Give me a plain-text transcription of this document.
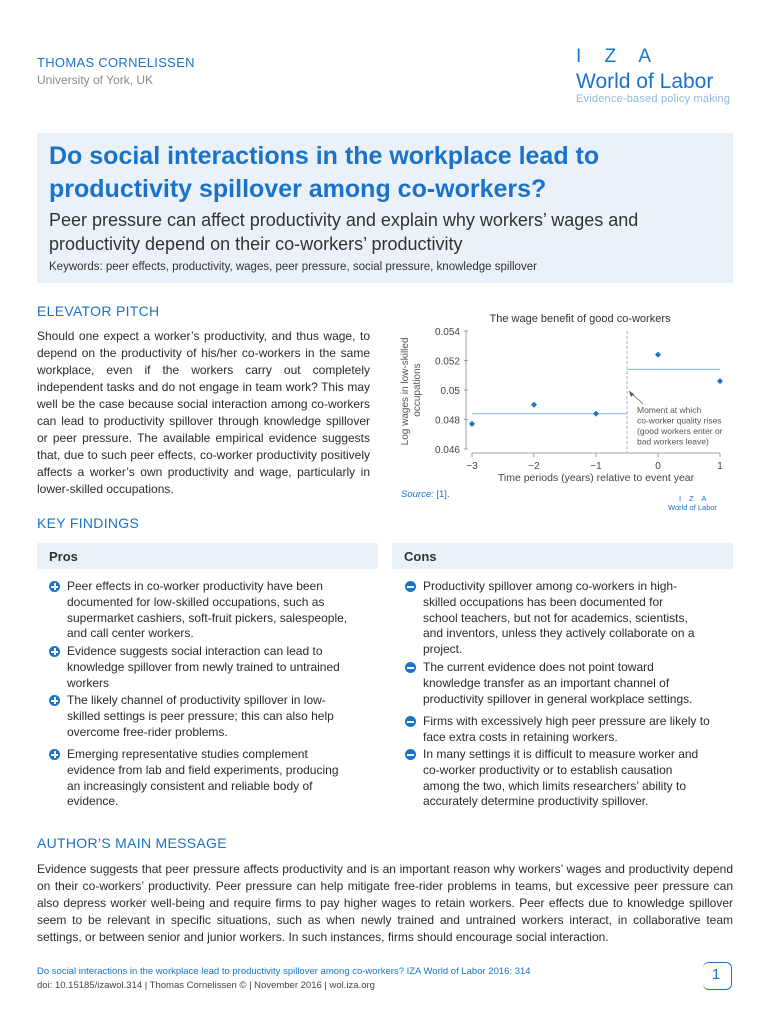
THOMAS CORNELISSEN
University of York, UK
I Z A
World of Labor
Evidence-based policy making
Do social interactions in the workplace lead to productivity spillover among co-workers?
Peer pressure can affect productivity and explain why workers’ wages and productivity depend on their co-workers’ productivity
Keywords: peer effects, productivity, wages, peer pressure, social pressure, knowledge spillover
ELEVATOR PITCH
Should one expect a worker’s productivity, and thus wage, to depend on the productivity of his/her co-workers in the same workplace, even if the workers carry out completely independent tasks and do not engage in team work? This may well be the case because social interaction among co-workers can lead to productivity spillover through knowledge spillover or peer pressure. The available empirical evidence suggests that, due to such peer effects, co-worker productivity positively affects a worker’s own productivity and wage, particularly in lower-skilled occupations.
The wage benefit of good co-workers
Log wages in low-skilled occupations
0.046
0.048
0.05
0.052
0.054
−3	−2	−1	0	1
Moment at which co-worker quality rises (good workers enter or bad workers leave)
Time periods (years) relative to event year
Source: [1].	I Z A
World of Labor
KEY FINDINGS
Pros	Cons
Peer effects in co-worker productivity have been
documented for low-skilled occupations, such as
supermarket cashiers, soft-fruit pickers, salespeople,
and call center workers.
Evidence suggests social interaction can lead to
knowledge spillover from newly trained to untrained
workers
The likely channel of productivity spillover in low-
skilled settings is peer pressure; this can also help
overcome free-rider problems.
Emerging representative studies complement
evidence from lab and field experiments, producing
an increasingly consistent and reliable body of
evidence.
Productivity spillover among co-workers in high-
skilled occupations has been documented for
school teachers, but not for academics, scientists,
and inventors, unless they actively collaborate on a
project.
The current evidence does not point toward
knowledge transfer as an important channel of
productivity spillover in general workplace settings.
Firms with excessively high peer pressure are likely to
face extra costs in retaining workers.
In many settings it is difficult to measure worker and
co-worker productivity or to establish causation
among the two, which limits researchers’ ability to
accurately determine productivity spillover.
AUTHOR’S MAIN MESSAGE
Evidence suggests that peer pressure affects productivity and is an important reason why workers’ wages and productivity depend on their co-workers’ productivity. Peer pressure can help mitigate free-rider problems in teams, but excessive peer pressure can also depress worker well-being and require firms to pay higher wages to retain workers. Peer effects due to knowledge spillover seem to be relevant in specific situations, such as when newly trained and untrained workers interact, in collaborative team settings, or between senior and junior workers. In such instances, firms should encourage social interaction.
Do social interactions in the workplace lead to productivity spillover among co-workers? IZA World of Labor 2016: 314
doi: 10.15185/izawol.314 | Thomas Cornelissen © | November 2016 | wol.iza.org
1
